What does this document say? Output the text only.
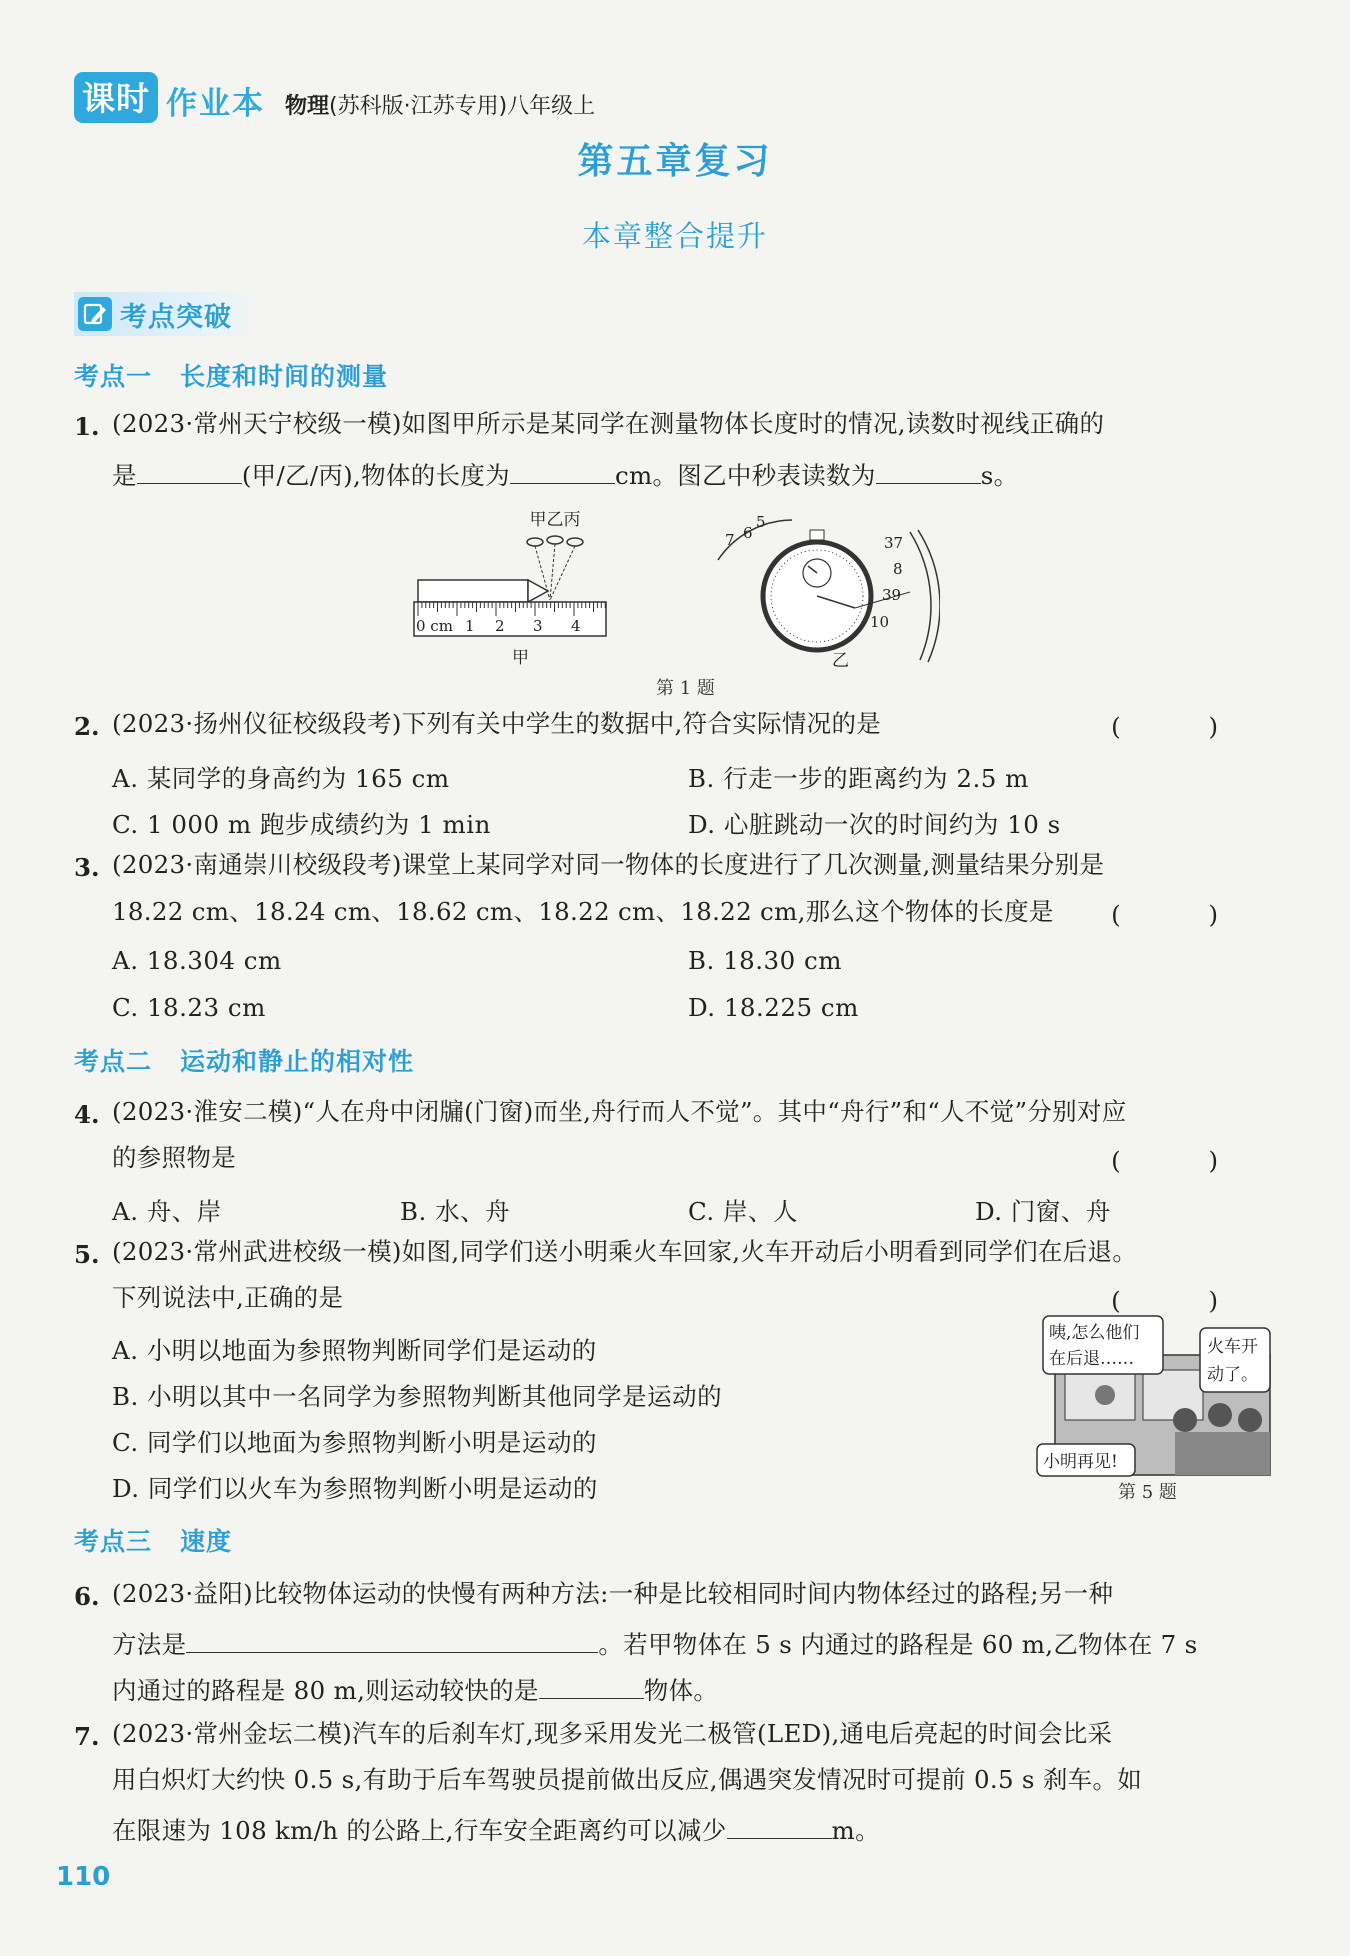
课时 作业本 物理(苏科版·江苏专用)八年级上
第五章复习
本章整合提升
考点突破
考点一 长度和时间的测量
1. (2023·常州天宁校级一模)如图甲所示是某同学在测量物体长度时的情况,读数时视线正确的
是	(甲/乙/丙),物体的长度为	cm。图乙中秒表读数为	s。
甲乙丙
0 cm 1 2 3 4
甲
7 6
5
37
8
39
10
乙
第 1 题
2. (2023·扬州仪征校级段考)下列有关中学生的数据中,符合实际情况的是	( )
A. 某同学的身高约为 165 cm	B. 行走一步的距离约为 2.5 m
C. 1 000 m 跑步成绩约为 1 min	D. 心脏跳动一次的时间约为 10 s
3. (2023·南通崇川校级段考)课堂上某同学对同一物体的长度进行了几次测量,测量结果分别是
18.22 cm、18.24 cm、18.62 cm、18.22 cm、18.22 cm,那么这个物体的长度是 ( )
A. 18.304 cm	B. 18.30 cm
C. 18.23 cm	D. 18.225 cm
考点二 运动和静止的相对性
4. (2023·淮安二模)“人在舟中闭牖(门窗)而坐,舟行而人不觉”。其中“舟行”和“人不觉”分别对应
的参照物是	( )
A. 舟、岸	B. 水、舟	C. 岸、人	D. 门窗、舟
5. (2023·常州武进校级一模)如图,同学们送小明乘火车回家,火车开动后小明看到同学们在后退。
下列说法中,正确的是	( )
A. 小明以地面为参照物判断同学们是运动的
B. 小明以其中一名同学为参照物判断其他同学是运动的
C. 同学们以地面为参照物判断小明是运动的
D. 同学们以火车为参照物判断小明是运动的
咦,怎么他们
在后退……
火车开
动了。
小明再见!
第 5 题
考点三 速度
6. (2023·益阳)比较物体运动的快慢有两种方法:一种是比较相同时间内物体经过的路程;另一种
方法是	。若甲物体在 5 s 内通过的路程是 60 m,乙物体在 7 s
内通过的路程是 80 m,则运动较快的是	物体。
7. (2023·常州金坛二模)汽车的后刹车灯,现多采用发光二极管(LED),通电后亮起的时间会比采
用白炽灯大约快 0.5 s,有助于后车驾驶员提前做出反应,偶遇突发情况时可提前 0.5 s 刹车。如
在限速为 108 km/h 的公路上,行车安全距离约可以减少	m。
110
